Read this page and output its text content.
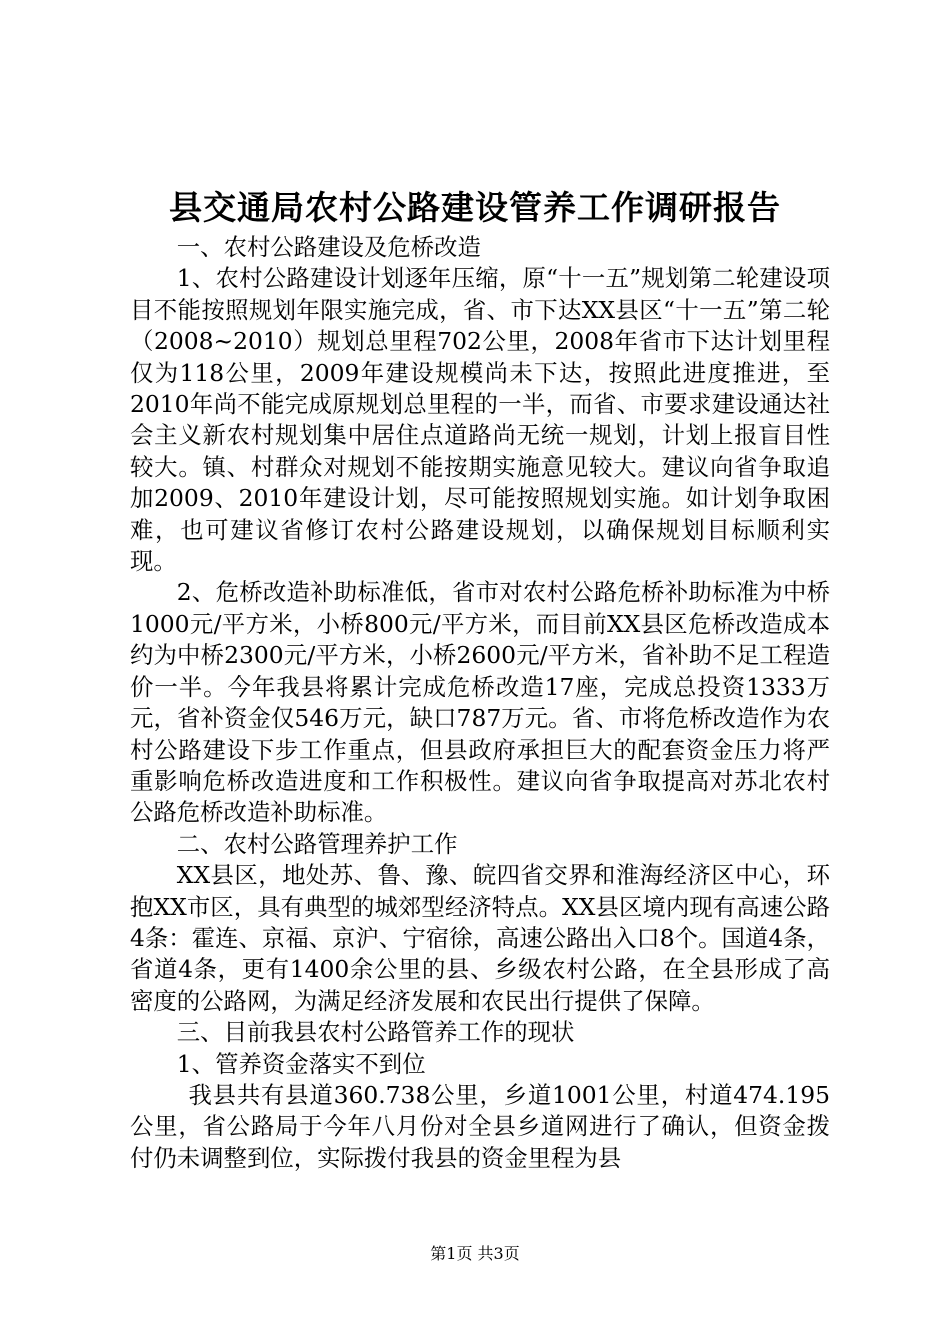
县交通局农村公路建设管养工作调研报告

一、农村公路建设及危桥改造

1、农村公路建设计划逐年压缩，原“十一五”规划第二轮建设项目不能按照规划年限实施完成，省、市下达XX县区“十一五”第二轮（2008~2010）规划总里程702公里，2008年省市下达计划里程仅为118公里，2009年建设规模尚未下达，按照此进度推进，至2010年尚不能完成原规划总里程的一半，而省、市要求建设通达社会主义新农村规划集中居住点道路尚无统一规划，计划上报盲目性较大。镇、村群众对规划不能按期实施意见较大。建议向省争取追加2009、2010年建设计划，尽可能按照规划实施。如计划争取困难，也可建议省修订农村公路建设规划，以确保规划目标顺利实现。

2、危桥改造补助标准低，省市对农村公路危桥补助标准为中桥1000元/平方米，小桥800元/平方米，而目前XX县区危桥改造成本约为中桥2300元/平方米，小桥2600元/平方米，省补助不足工程造价一半。今年我县将累计完成危桥改造17座，完成总投资1333万元，省补资金仅546万元，缺口787万元。省、市将危桥改造作为农村公路建设下步工作重点，但县政府承担巨大的配套资金压力将严重影响危桥改造进度和工作积极性。建议向省争取提高对苏北农村公路危桥改造补助标准。

二、农村公路管理养护工作

XX县区，地处苏、鲁、豫、皖四省交界和淮海经济区中心，环抱XX市区，具有典型的城郊型经济特点。XX县区境内现有高速公路4条：霍连、京福、京沪、宁宿徐，高速公路出入口8个。国道4条，省道4条，更有1400余公里的县、乡级农村公路，在全县形成了高密度的公路网，为满足经济发展和农民出行提供了保障。

三、目前我县农村公路管养工作的现状

1、管养资金落实不到位

我县共有县道360.738公里，乡道1001公里，村道474.195公里，省公路局于今年八月份对全县乡道网进行了确认，但资金拨付仍未调整到位，实际拨付我县的资金里程为县

第1页 共3页
